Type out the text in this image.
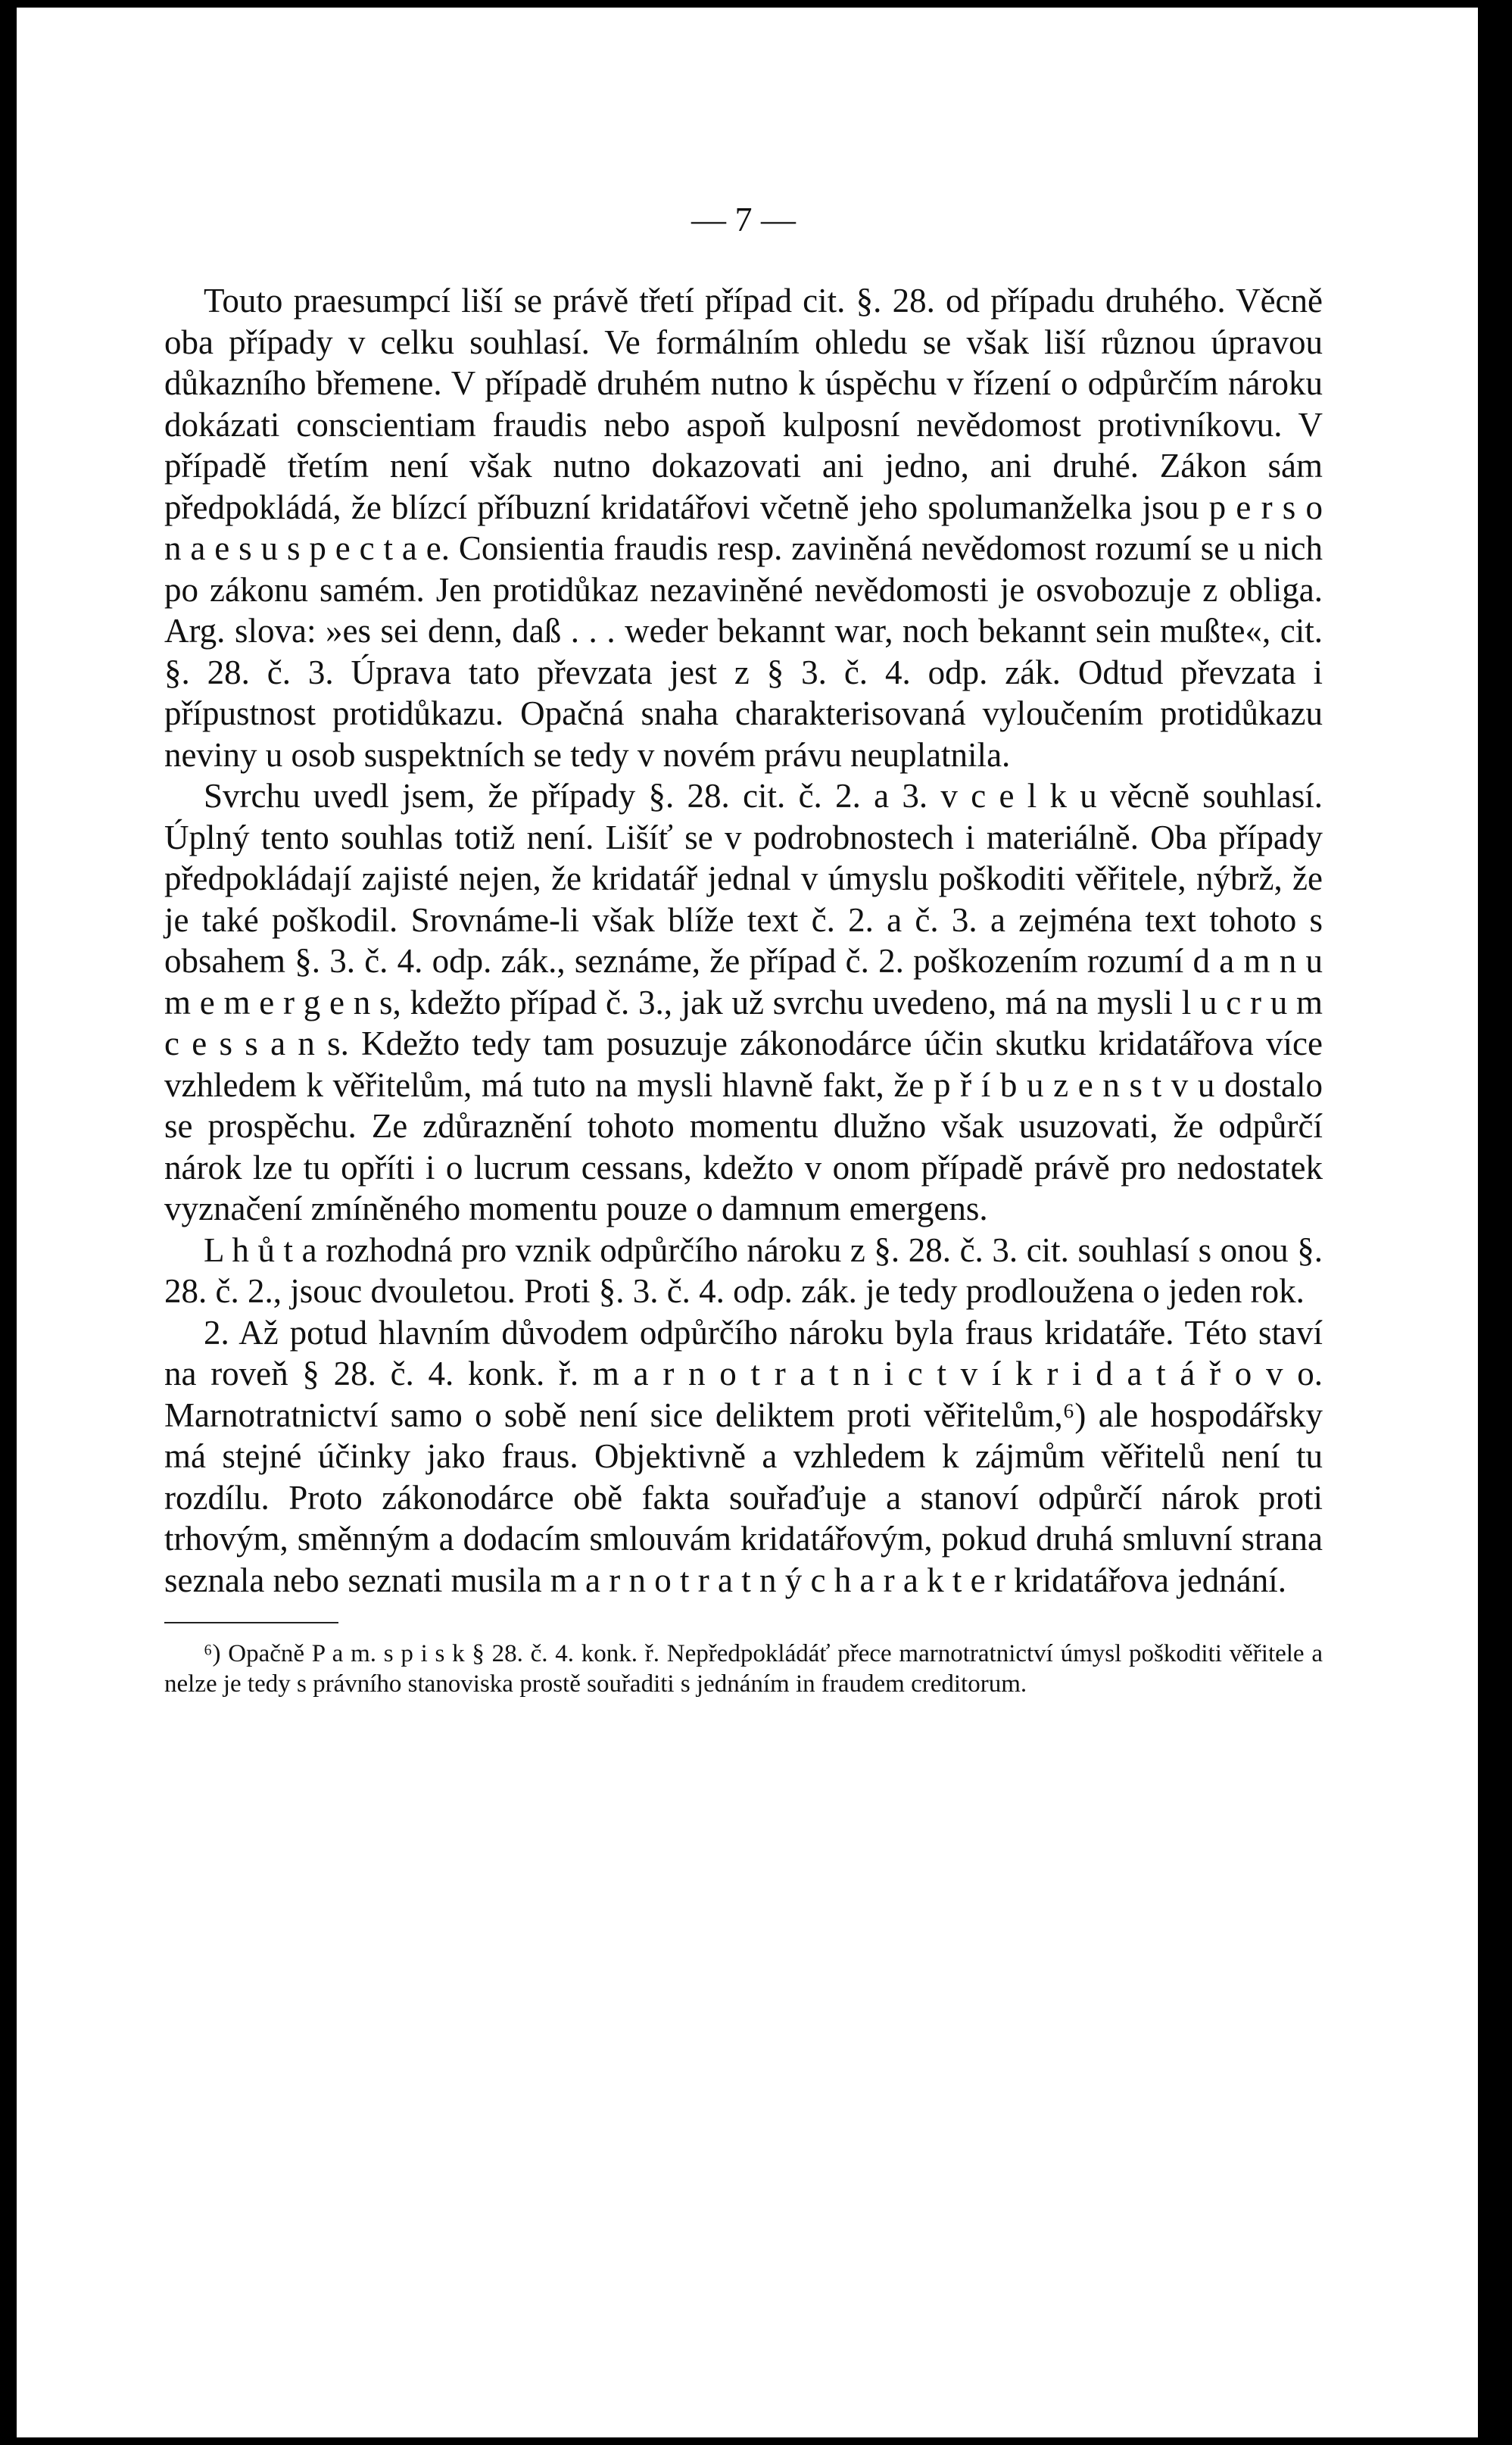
— 7 —

Touto praesumpcí liší se právě třetí případ cit. §. 28. od případu druhého. Věcně oba případy v celku souhlasí. Ve formálním ohledu se však liší různou úpravou důkazního břemene. V případě druhém nutno k úspěchu v řízení o odpůrčím nároku dokázati conscientiam fraudis nebo aspoň kulposní nevědomost protivníkovu. V případě třetím není však nutno dokazovati ani jedno, ani druhé. Zákon sám předpokládá, že blízcí příbuzní kridatářovi včetně jeho spolumanželka jsou p e r s o n a e s u s p e c t a e. Consientia fraudis resp. zaviněná nevědomost rozumí se u nich po zákonu samém. Jen protidůkaz nezaviněné nevědomosti je osvobozuje z obliga. Arg. slova: »es sei denn, daß . . . weder bekannt war, noch bekannt sein mußte«, cit. §. 28. č. 3. Úprava tato převzata jest z § 3. č. 4. odp. zák. Odtud převzata i přípustnost protidůkazu. Opačná snaha charakterisovaná vyloučením protidůkazu neviny u osob suspektních se tedy v novém právu neuplatnila.

Svrchu uvedl jsem, že případy §. 28. cit. č. 2. a 3. v c e l k u věcně souhlasí. Úplný tento souhlas totiž není. Lišíť se v podrobnostech i materiálně. Oba případy předpokládají zajisté nejen, že kridatář jednal v úmyslu poškoditi věřitele, nýbrž, že je také poškodil. Srovnáme-li však blíže text č. 2. a č. 3. a zejména text tohoto s obsahem §. 3. č. 4. odp. zák., seznáme, že případ č. 2. poškozením rozumí d a m n u m e m e r g e n s, kdežto případ č. 3., jak už svrchu uvedeno, má na mysli l u c r u m c e s s a n s. Kdežto tedy tam posuzuje zákonodárce účin skutku kridatářova více vzhledem k věřitelům, má tuto na mysli hlavně fakt, že p ř í b u z e n s t v u dostalo se prospěchu. Ze zdůraznění tohoto momentu dlužno však usuzovati, že odpůrčí nárok lze tu opříti i o lucrum cessans, kdežto v onom případě právě pro nedostatek vyznačení zmíněného momentu pouze o damnum emergens.

L h ů t a rozhodná pro vznik odpůrčího nároku z §. 28. č. 3. cit. souhlasí s onou §. 28. č. 2., jsouc dvouletou. Proti §. 3. č. 4. odp. zák. je tedy prodloužena o jeden rok.

2. Až potud hlavním důvodem odpůrčího nároku byla fraus kridatáře. Této staví na roveň § 28. č. 4. konk. ř. m a r n o t r a t n i c t v í k r i d a t á ř o v o. Marnotratnictví samo o sobě není sice deliktem proti věřitelům,⁶) ale hospodářsky má stejné účinky jako fraus. Objektivně a vzhledem k zájmům věřitelů není tu rozdílu. Proto zákonodárce obě fakta souřaďuje a stanoví odpůrčí nárok proti trhovým, směnným a dodacím smlouvám kridatářovým, pokud druhá smluvní strana seznala nebo seznati musila m a r n o t r a t n ý c h a r a k t e r kridatářova jednání.

⁶) Opačně P a m. s p i s k § 28. č. 4. konk. ř. Nepředpokládáť přece marnotratnictví úmysl poškoditi věřitele a nelze je tedy s právního stanoviska prostě souřaditi s jednáním in fraudem creditorum.
